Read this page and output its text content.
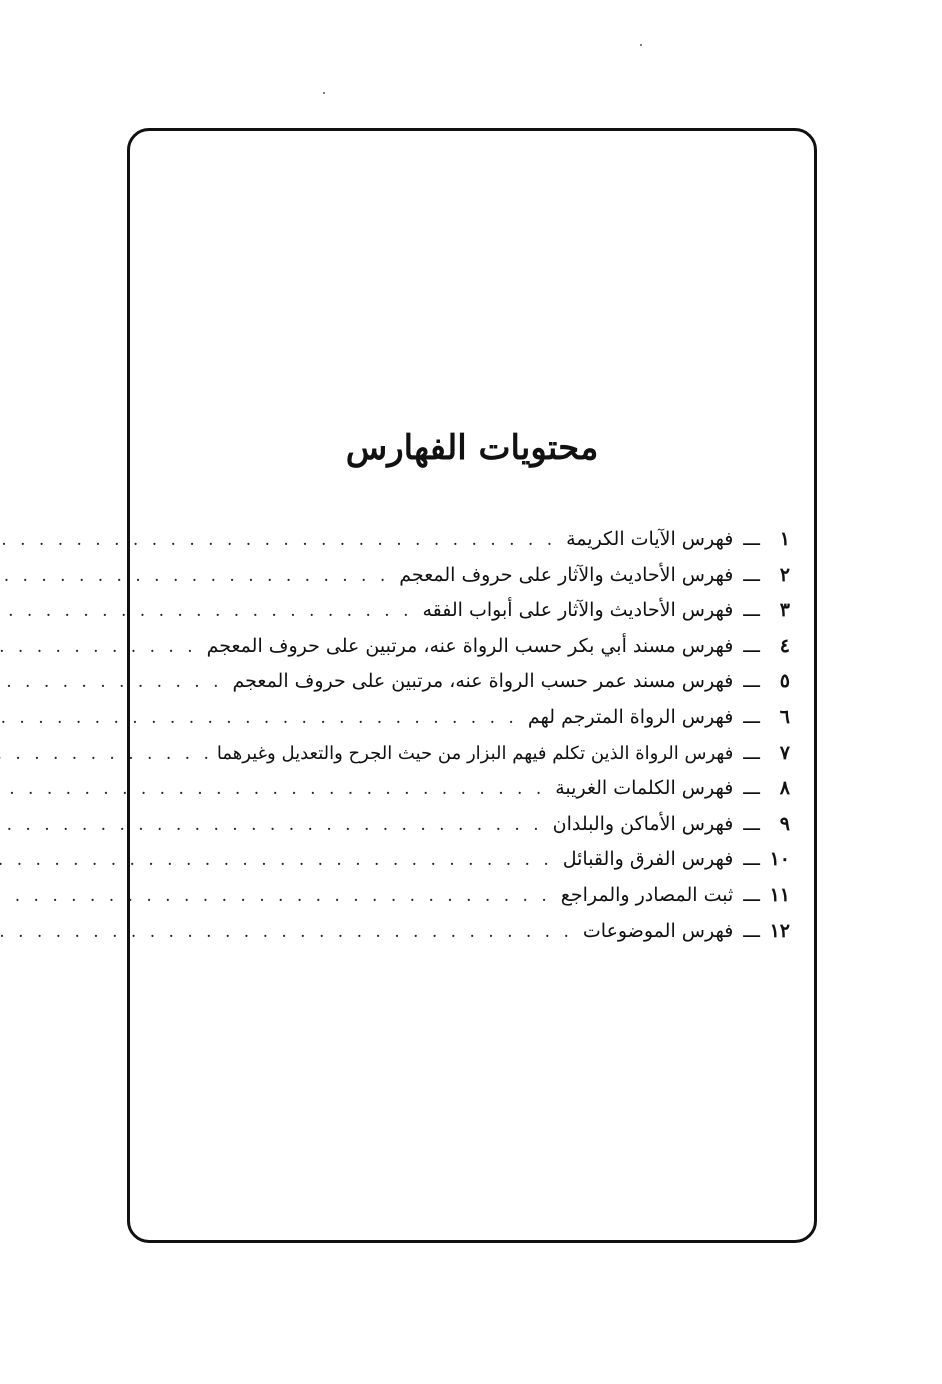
محتويات الفهارس
١
ـــ
فهرس الآيات الكريمة
. . .
٢
ـــ
فهرس الأحاديث والآثار على حروف المعجم
. . .
٣
ـــ
فهرس الأحاديث والآثار على أبواب الفقه
. . .
٤
ـــ
فهرس مسند أبي بكر حسب الرواة عنه، مرتبين على حروف المعجم
. . .
٥
ـــ
فهرس مسند عمر حسب الرواة عنه، مرتبين على حروف المعجم
. . .
٦
ـــ
فهرس الرواة المترجم لهم
. . .
٧
ـــ
فهرس الرواة الذين تكلم فيهم البزار من حيث الجرح والتعديل وغيرهما
. . .
٨
ـــ
فهرس الكلمات الغريبة
. . .
٩
ـــ
فهرس الأماكن والبلدان
. . .
١٠
ـــ
فهرس الفرق والقبائل
. . .
١١
ـــ
ثبت المصادر والمراجع
. . .
١٢
ـــ
فهرس الموضوعات
. . .
